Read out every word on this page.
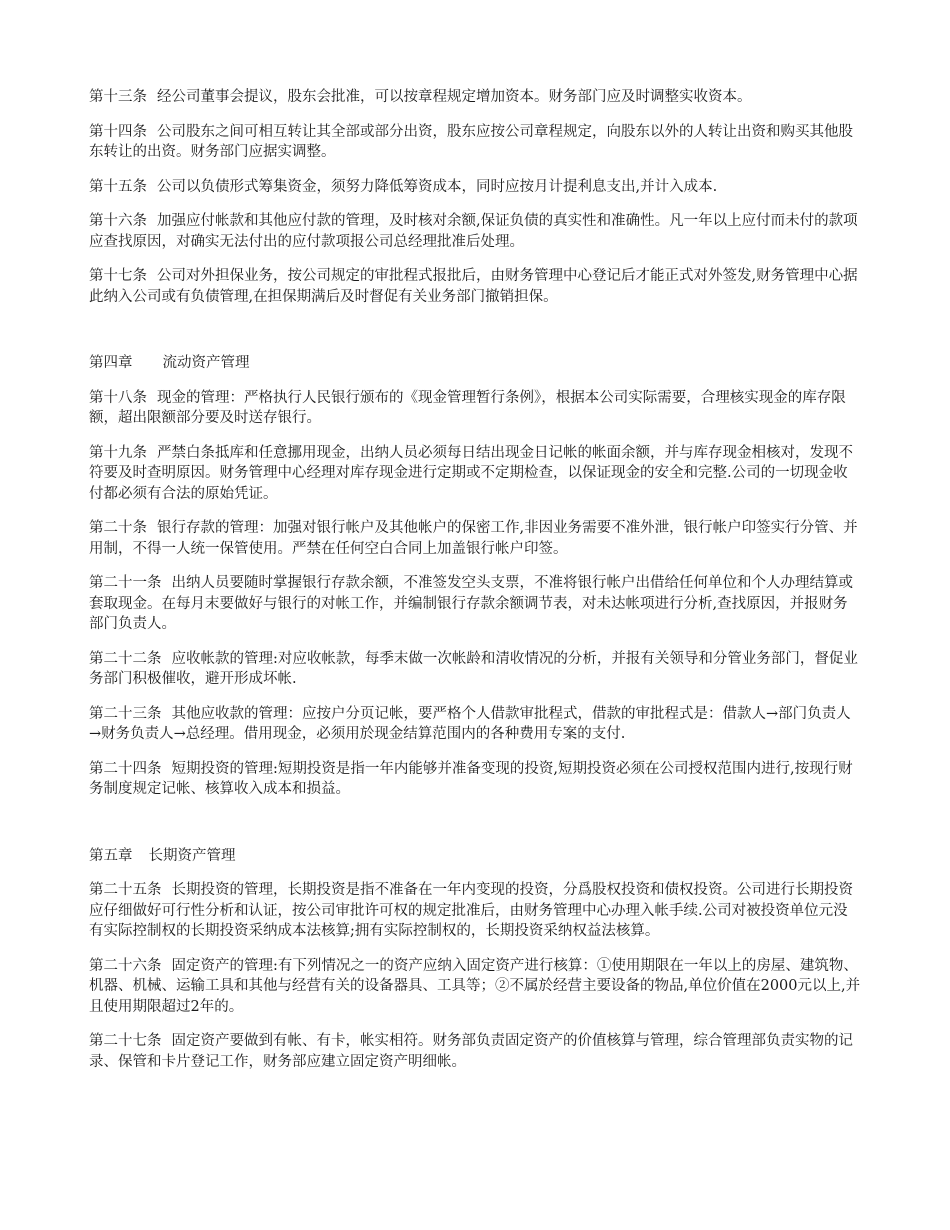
第十三条 经公司董事会提议，股东会批准，可以按章程规定增加资本。财务部门应及时调整实收资本。

第十四条 公司股东之间可相互转让其全部或部分出资，股东应按公司章程规定，向股东以外的人转让出资和购买其他股东转让的出资。财务部门应据实调整。

第十五条 公司以负债形式筹集资金，须努力降低筹资成本，同时应按月计提利息支出,并计入成本.

第十六条 加强应付帐款和其他应付款的管理，及时核对余额,保证负债的真实性和准确性。凡一年以上应付而未付的款项应查找原因，对确实无法付出的应付款项报公司总经理批准后处理。

第十七条 公司对外担保业务，按公司规定的审批程式报批后，由财务管理中心登记后才能正式对外签发,财务管理中心据此纳入公司或有负债管理,在担保期满后及时督促有关业务部门撤销担保。

第四章 流动资产管理

第十八条 现金的管理：严格执行人民银行颁布的《现金管理暂行条例》，根据本公司实际需要，合理核实现金的库存限额，超出限额部分要及时送存银行。

第十九条 严禁白条抵库和任意挪用现金，出纳人员必须每日结出现金日记帐的帐面余额，并与库存现金相核对，发现不符要及时查明原因。财务管理中心经理对库存现金进行定期或不定期检查，以保证现金的安全和完整.公司的一切现金收付都必须有合法的原始凭证。

第二十条 银行存款的管理：加强对银行帐户及其他帐户的保密工作,非因业务需要不准外泄，银行帐户印签实行分管、并用制，不得一人统一保管使用。严禁在任何空白合同上加盖银行帐户印签。

第二十一条 出纳人员要随时掌握银行存款余额，不准签发空头支票，不准将银行帐户出借给任何单位和个人办理结算或套取现金。在每月末要做好与银行的对帐工作，并编制银行存款余额调节表，对未达帐项进行分析,查找原因，并报财务部门负责人。

第二十二条 应收帐款的管理:对应收帐款，每季末做一次帐龄和清收情况的分析，并报有关领导和分管业务部门，督促业务部门积极催收，避开形成坏帐.

第二十三条 其他应收款的管理：应按户分页记帐，要严格个人借款审批程式，借款的审批程式是：借款人→部门负责人→财务负责人→总经理。借用现金，必须用於现金结算范围内的各种费用专案的支付.

第二十四条 短期投资的管理:短期投资是指一年内能够并准备变现的投资,短期投资必须在公司授权范围内进行,按现行财务制度规定记帐、核算收入成本和损益。

第五章 长期资产管理

第二十五条 长期投资的管理，长期投资是指不准备在一年内变现的投资，分爲股权投资和债权投资。公司进行长期投资应仔细做好可行性分析和认证，按公司审批许可权的规定批准后，由财务管理中心办理入帐手续.公司对被投资单位元没有实际控制权的长期投资采纳成本法核算;拥有实际控制权的，长期投资采纳权益法核算。

第二十六条 固定资产的管理:有下列情况之一的资产应纳入固定资产进行核算：①使用期限在一年以上的房屋、建筑物、机器、机械、运输工具和其他与经营有关的设备器具、工具等；②不属於经营主要设备的物品,单位价值在2000元以上,并且使用期限超过2年的。

第二十七条 固定资产要做到有帐、有卡，帐实相符。财务部负责固定资产的价值核算与管理，综合管理部负责实物的记录、保管和卡片登记工作，财务部应建立固定资产明细帐。
